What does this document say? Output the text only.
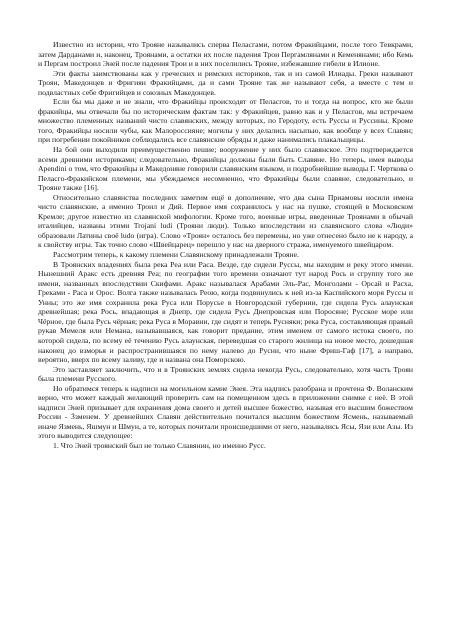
Известно из истории, что Трояне назывались сперва Пеласгами, потом Фракийцами, после того Тевкрами, затем Дарданами и, наконец, Троянами, а остатки их после падения Трои Пергамлянами и Кеменянами; ибо Кемь и Пергам построил Эней после падения Трои и в них поселились Трояне, избежавшие гибели в Илионе.

Эти факты заимствованы как у греческих и римских историков, так и из самой Илиады. Греки называют Троян, Македонцев и Фригиян Фракийцами, да и сами Трояне так же называют себя, а вместе с тем и подвластных себе Фригийцев и союзных Македонцев.

Если бы мы даже и не знали, что Фракийцы происходят от Пеласгов, то и тогда на вопрос, кто же были фракийцы, мы отвечали бы по историческим фактам так: у Фракийцев, равно как и у Пеласгов, мы встречаем множество племенных названий чисто славянских, между которых, по Геродоту, есть Руссы и Руссины. Кроме того, Фракийцы носили чубы, как Малороссияне; могилы у них делались насыпью, как вообще у всех Славян; при погребении покойников соблюдались все славянские обряды и даже нанимались плакальщицы.

На бой они выходили преимущественно пешие; вооружение у них было славянское. Это подтверждается всеми древними историками; следовательно, Фракийцы должны были быть Славяне. Но теперь, имея выводы Apendini о том, что Фракийцы и Македоняне говорили славянским языком, и подробнейшие выводы Г. Черткова о Пеласго-Фракийском племени, мы убеждаемся несомненно, что Фракийцы были славяне, следовательно, и Трояне также [16].

Относительно славянства последних заметим ещё в дополнение, что два сына Приамовы носили имена чисто славянские, а именно Троил и Дий. Первое имя сохранилось у нас на пушке, стоящей в Московском Кремле; другое известно из славянской мифологии. Кроме того, военные игры, введенные Троянами в обычай италийцев, названы этими Trojani ludi (Трояни люди). Только впоследствии из славянского слова «Люди» образовали Латины своё ludo (игра). Слово «Троян» осталось без перемены, но уже отнесено было не к народу, а к свойству игры. Так точно слово «Швейцарец» перешло у нас на дверного стража, именуемого швейцаром.

Рассмотрим теперь, к какому племени Славянскому принадлежали Трояне.

В Троянских владениях была река Реа или Раса. Везде, где сидели Руссы, мы находим и реку этого имени. Нынешний Аракс есть древняя Реа; по географии того времени означают тут народ Рось и сгруппу того же имени, названных впоследствии Скифами. Аракс называлася Арабами Эль-Рас, Монголами - Орсай и Расха, Греками - Раса и Орос. Волга также называлась Реою, когда подвинулись к ней из-за Каспийского моря Руссы и Унны; это же имя сохранила река Руса или Порусье в Новгородской губернии, где сидела Русь алаунская древнейшая; река Рось, впадающая в Днепр, где сидела Русь Днепровская или Поросяне; Русское море или Чёрное, где была Русь чёрная; река Руса в Моравии, где сидят и теперь Русняки; река Руса, составляющая правый рукав Мемеля или Немана, называвшаяся, как говорит предание, этим именем от самого истока своего, по которой сидела, по всему её течению Русь алаунская, переведшая со старого жилища на новое место, дошедшая наконец до взморья и распространившаяся по нему налево до Русни, что ныне Фриш-Гаф [17], а направо, вероятно, вверх по всему заливу, где и названа она Поморскою.

Это заставляет заключить, что и в Троянских землях сидела некогда Русь, следовательно, хотя часть Троян была племени Русского.

Но обратимся теперь к надписи на могильном камне Энея. Эта надпись разобрана и прочтена Ф. Воланским верно, что может каждый желающий проверить сам на помещенном здесь в приложении снимке с неё. В этой надписи Эней призывает для охранения дома своего и детей высшее божество, называя его высшим божеством России - Ӟзменем. У древнейших Славян действительно почитался высшим божеством Ясмень, называемый иначе Язмень, Яшмун и Шмун, а те, которых почитали происшедшими от него, назывались Ясы, Язи или Азы. Из этого выводится следующее:

1. Что Эней троянский был не только Славянин, но именно Русс.
